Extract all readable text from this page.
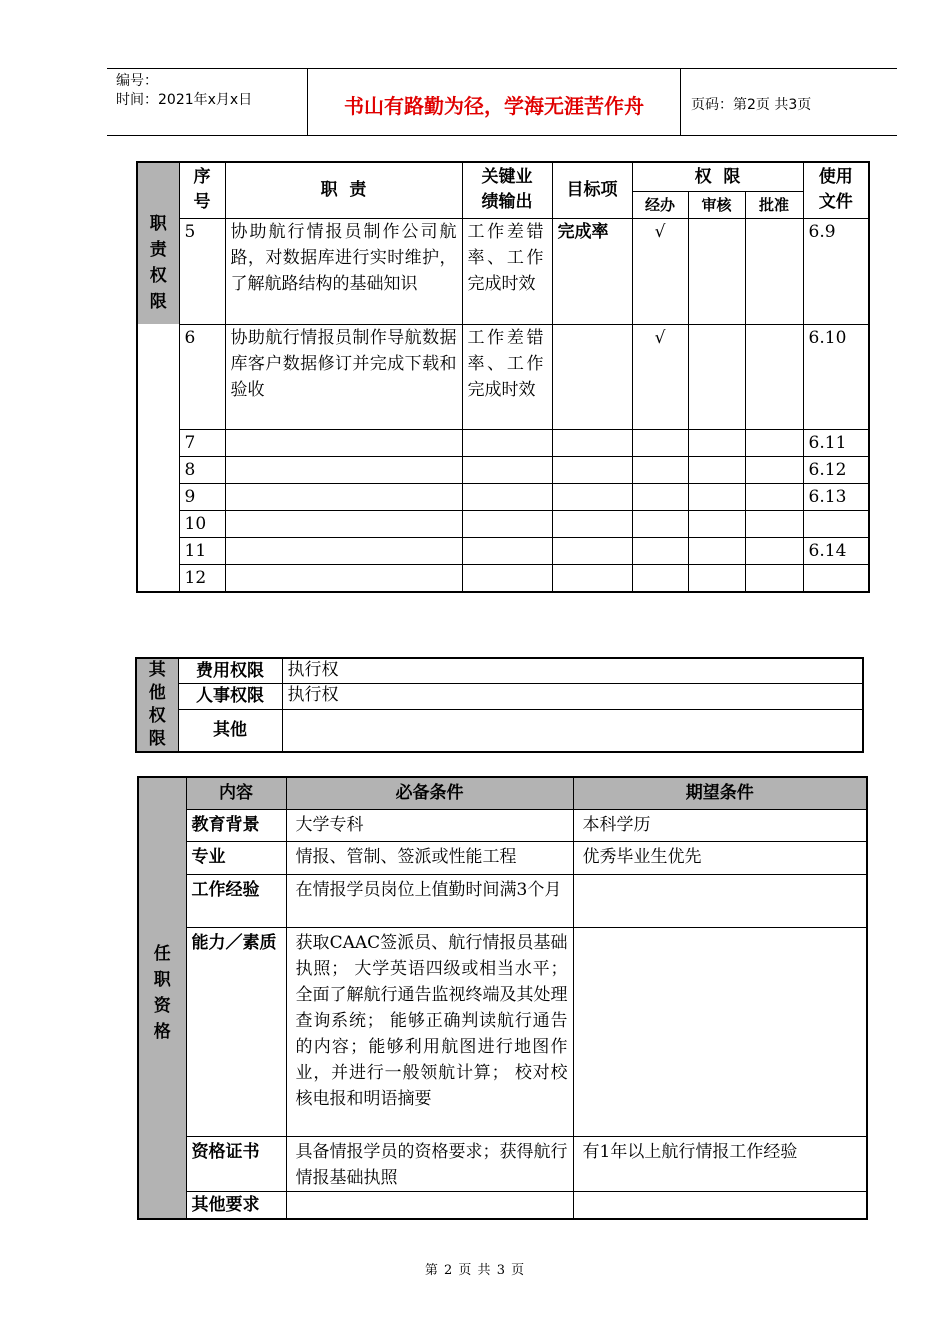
编号：
时间：2021年x月x日	书山有路勤为径，学海无涯苦作舟	页码：第2页 共3页
职责权限	序号	职  责	关键业绩输出	目标项	权  限			使用文件
					经办	审核	批准	
	5	协助航行情报员制作公司航路，对数据库进行实时维护，了解航路结构的基础知识	工作差错率、工作完成时效	完成率	√			6.9
	6	协助航行情报员制作导航数据库客户数据修订并完成下载和验收	工作差错率、工作完成时效		√			6.10
	7							6.11
	8							6.12
	9							6.13
	10							
	11							6.14
	12							
其他权限	费用权限	执行权
	人事权限	执行权
	其他	
任职资格	内容	必备条件	期望条件
	教育背景	大学专科	本科学历
	专业	情报、管制、签派或性能工程	优秀毕业生优先
	工作经验	在情报学员岗位上值勤时间满3个月	
	能力／素质	获取CAAC签派员、航行情报员基础执照； 大学英语四级或相当水平；全面了解航行通告监视终端及其处理查询系统； 能够正确判读航行通告的内容；能够利用航图进行地图作业，并进行一般领航计算； 校对校核电报和明语摘要	
	资格证书	具备情报学员的资格要求；获得航行情报基础执照	有1年以上航行情报工作经验
	其他要求		
第 2 页 共 3 页
